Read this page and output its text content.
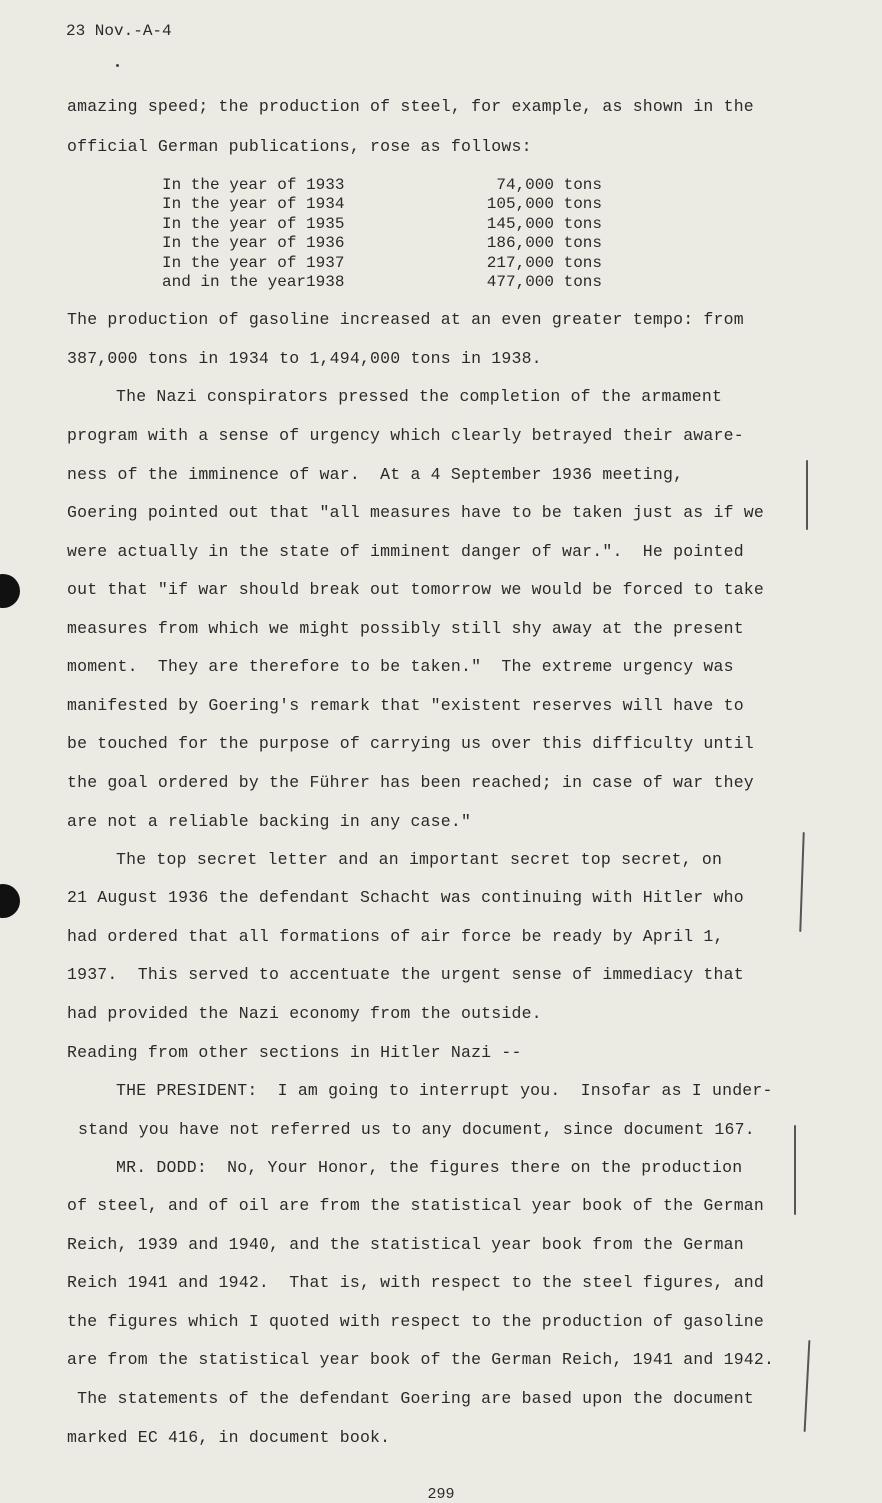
23 Nov.-A-4
amazing speed; the production of steel, for example, as shown in the
official German publications, rose as follows:
In the year of 1933	74,000 tons
In the year of 1934	105,000 tons
In the year of 1935	145,000 tons
In the year of 1936	186,000 tons
In the year of 1937	217,000 tons
and in the year1938	477,000 tons
The production of gasoline increased at an even greater tempo: from
387,000 tons in 1934 to 1,494,000 tons in 1938.
The Nazi conspirators pressed the completion of the armament
program with a sense of urgency which clearly betrayed their aware-
ness of the imminence of war.  At a 4 September 1936 meeting,
Goering pointed out that "all measures have to be taken just as if we
were actually in the state of imminent danger of war.".  He pointed
out that "if war should break out tomorrow we would be forced to take
measures from which we might possibly still shy away at the present
moment.  They are therefore to be taken."  The extreme urgency was
manifested by Goering's remark that "existent reserves will have to
be touched for the purpose of carrying us over this difficulty until
the goal ordered by the Führer has been reached; in case of war they
are not a reliable backing in any case."
The top secret letter and an important secret top secret, on
21 August 1936 the defendant Schacht was continuing with Hitler who
had ordered that all formations of air force be ready by April 1,
1937.  This served to accentuate the urgent sense of immediacy that
had provided the Nazi economy from the outside.
Reading from other sections in Hitler Nazi --
THE PRESIDENT:  I am going to interrupt you.  Insofar as I under-
stand you have not referred us to any document, since document 167.
MR. DODD:  No, Your Honor, the figures there on the production
of steel, and of oil are from the statistical year book of the German
Reich, 1939 and 1940, and the statistical year book from the German
Reich 1941 and 1942.  That is, with respect to the steel figures, and
the figures which I quoted with respect to the production of gasoline
are from the statistical year book of the German Reich, 1941 and 1942.
The statements of the defendant Goering are based upon the document
marked EC 416, in document book.
299
